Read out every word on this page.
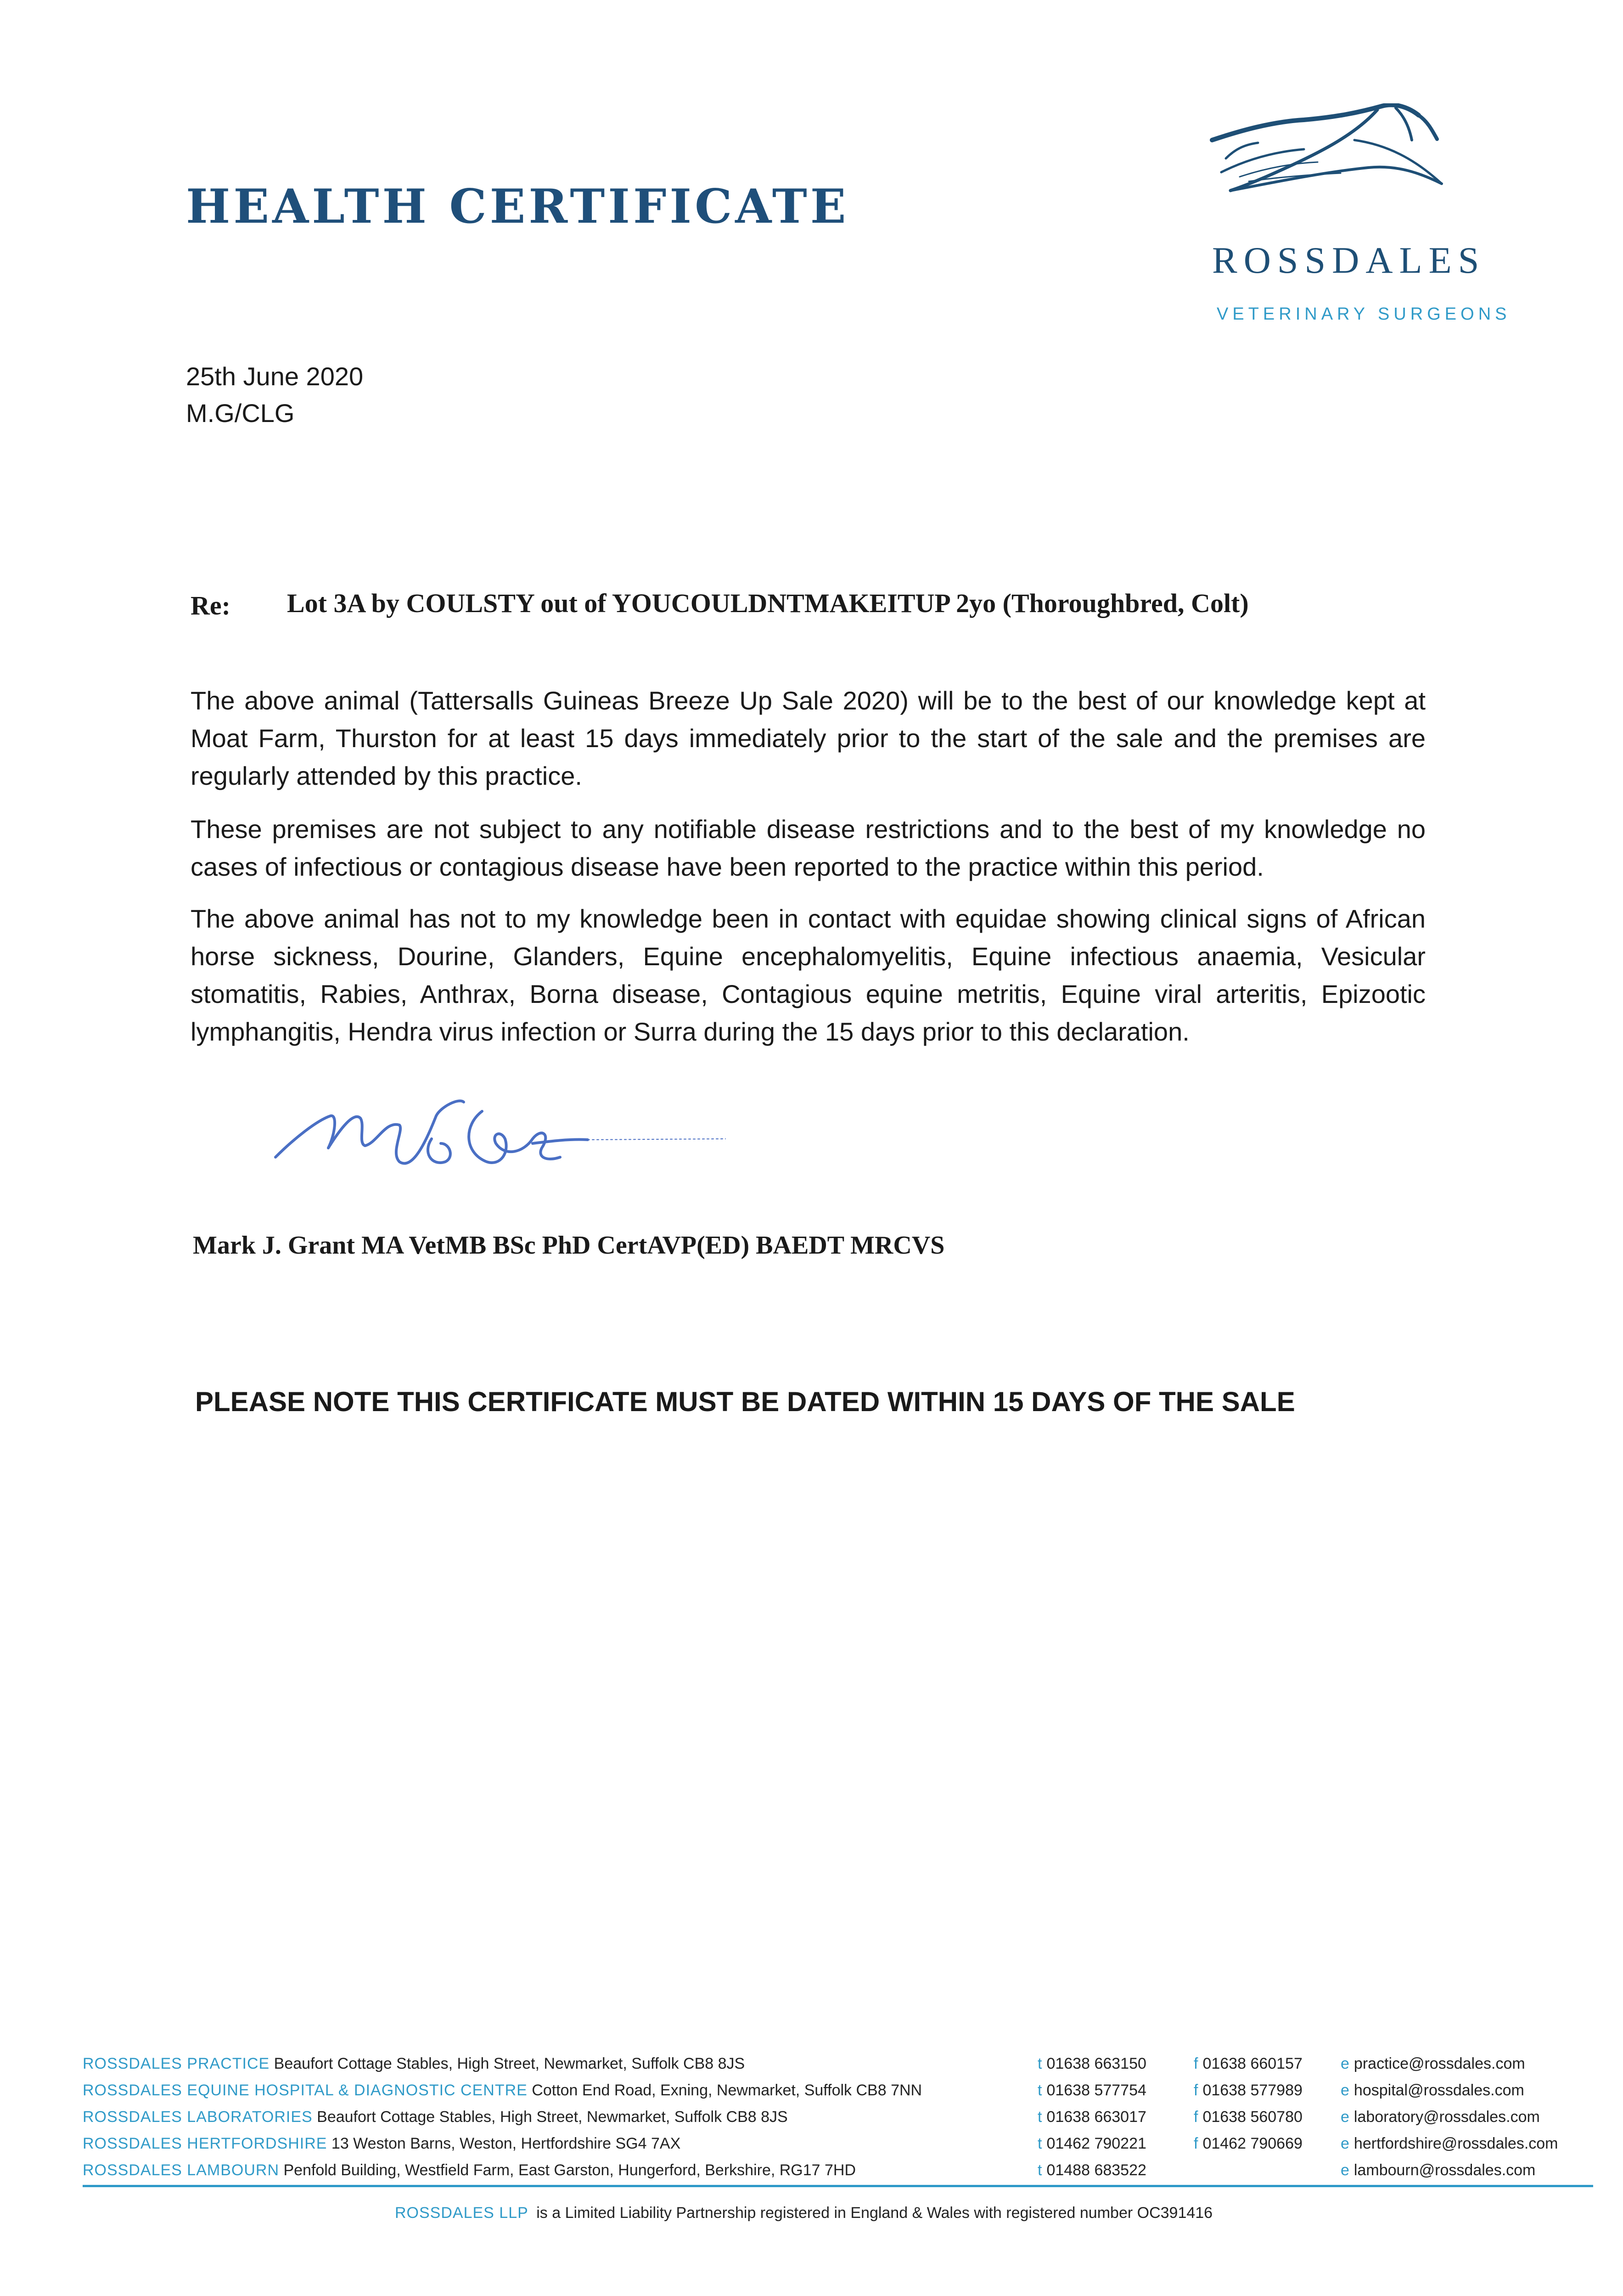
HEALTH CERTIFICATE
ROSSDALES
VETERINARY SURGEONS
25th June 2020
M.G/CLG
Re: Lot 3A by COULSTY out of YOUCOULDNTMAKEITUP 2yo (Thoroughbred, Colt)
The above animal (Tattersalls Guineas Breeze Up Sale 2020) will be to the best of our knowledge kept at Moat Farm, Thurston for at least 15 days immediately prior to the start of the sale and the premises are regularly attended by this practice.
These premises are not subject to any notifiable disease restrictions and to the best of my knowledge no cases of infectious or contagious disease have been reported to the practice within this period.
The above animal has not to my knowledge been in contact with equidae showing clinical signs of African horse sickness, Dourine, Glanders, Equine encephalomyelitis, Equine infectious anaemia, Vesicular stomatitis, Rabies, Anthrax, Borna disease, Contagious equine metritis, Equine viral arteritis, Epizootic lymphangitis, Hendra virus infection or Surra during the 15 days prior to this declaration.
Mark J. Grant MA VetMB BSc PhD CertAVP(ED) BAEDT MRCVS
PLEASE NOTE THIS CERTIFICATE MUST BE DATED WITHIN 15 DAYS OF THE SALE
ROSSDALES PRACTICE Beaufort Cottage Stables, High Street, Newmarket, Suffolk CB8 8JS
ROSSDALES EQUINE HOSPITAL & DIAGNOSTIC CENTRE Cotton End Road, Exning, Newmarket, Suffolk CB8 7NN
ROSSDALES LABORATORIES Beaufort Cottage Stables, High Street, Newmarket, Suffolk CB8 8JS
ROSSDALES HERTFORDSHIRE 13 Weston Barns, Weston, Hertfordshire SG4 7AX
ROSSDALES LAMBOURN Penfold Building, Westfield Farm, East Garston, Hungerford, Berkshire, RG17 7HD
t 01638 663150
t 01638 577754
t 01638 663017
t 01462 790221
t 01488 683522
f 01638 660157
f 01638 577989
f 01638 560780
f 01462 790669
e practice@rossdales.com
e hospital@rossdales.com
e laboratory@rossdales.com
e hertfordshire@rossdales.com
e lambourn@rossdales.com
ROSSDALES LLP is a Limited Liability Partnership registered in England & Wales with registered number OC391416
